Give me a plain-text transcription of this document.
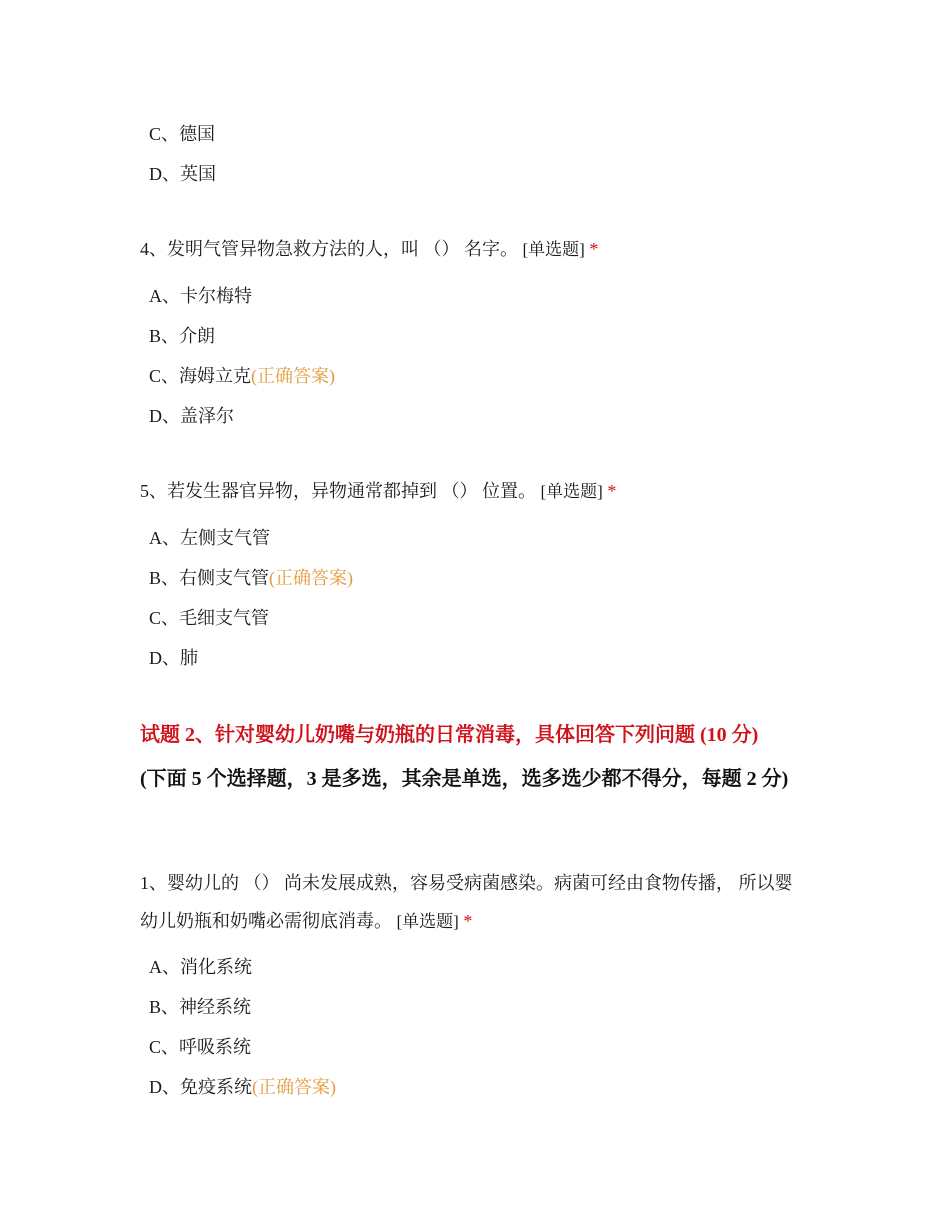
C、德国
D、英国
4、发明气管异物急救方法的人，叫 （） 名字。 [单选题] *
A、卡尔梅特
B、介朗
C、海姆立克(正确答案)
D、盖泽尔
5、若发生器官异物，异物通常都掉到 （） 位置。 [单选题] *
A、左侧支气管
B、右侧支气管(正确答案)
C、毛细支气管
D、肺
试题 2、针对婴幼儿奶嘴与奶瓶的日常消毒，具体回答下列问题 (10 分)
(下面 5 个选择题，3 是多选，其余是单选，选多选少都不得分，每题 2 分)
1、婴幼儿的 （） 尚未发展成熟，容易受病菌感染。病菌可经由食物传播， 所以婴幼儿奶瓶和奶嘴必需彻底消毒。 [单选题] *
A、消化系统
B、神经系统
C、呼吸系统
D、免疫系统(正确答案)
